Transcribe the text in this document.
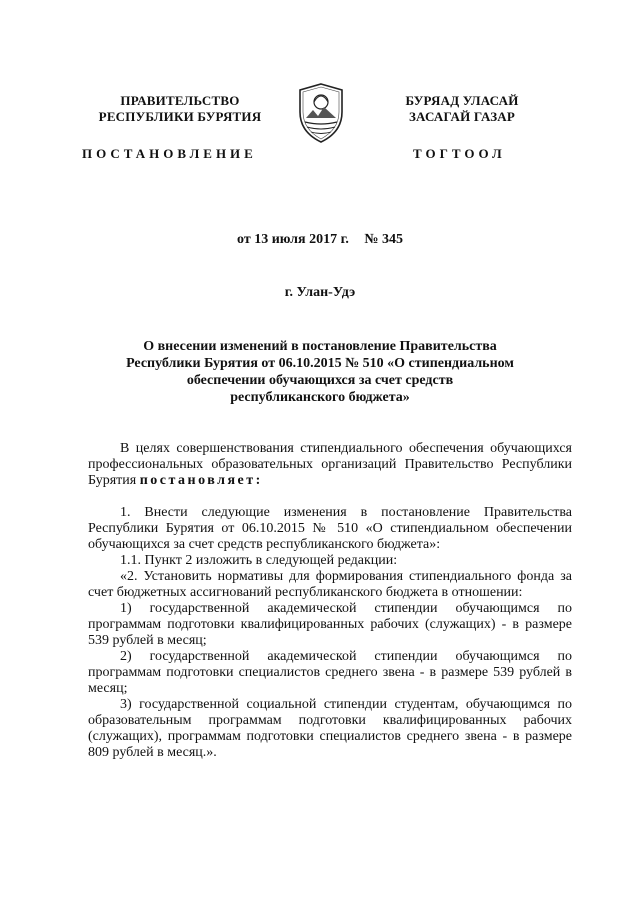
ПРАВИТЕЛЬСТВО
РЕСПУБЛИКИ БУРЯТИЯ
БУРЯАД УЛАСАЙ
ЗАСАГАЙ ГАЗАР
ПОСТАНОВЛЕНИЕ	ТОГТООЛ
от 13 июля 2017 г. № 345
г. Улан-Удэ
О внесении изменений в постановление Правительства
Республики Бурятия от 06.10.2015 № 510 «О стипендиальном
обеспечении обучающихся за счет средств
республиканского бюджета»

В целях совершенствования стипендиального обеспечения обучающихся профессиональных образовательных организаций Правительство Республики Бурятия постановляет:

1. Внести следующие изменения в постановление Правительства Республики Бурятия от 06.10.2015 № 510 «О стипендиальном обеспечении обучающихся за счет средств республиканского бюджета»:

1.1. Пункт 2 изложить в следующей редакции:

«2. Установить нормативы для формирования стипендиального фонда за счет бюджетных ассигнований республиканского бюджета в отношении:

1) государственной академической стипендии обучающимся по программам подготовки квалифицированных рабочих (служащих) - в размере 539 рублей в месяц;

2) государственной академической стипендии обучающимся по программам подготовки специалистов среднего звена - в размере 539 рублей в месяц;

3) государственной социальной стипендии студентам, обучающимся по образовательным программам подготовки квалифицированных рабочих (служащих), программам подготовки специалистов среднего звена - в размере 809 рублей в месяц.».
